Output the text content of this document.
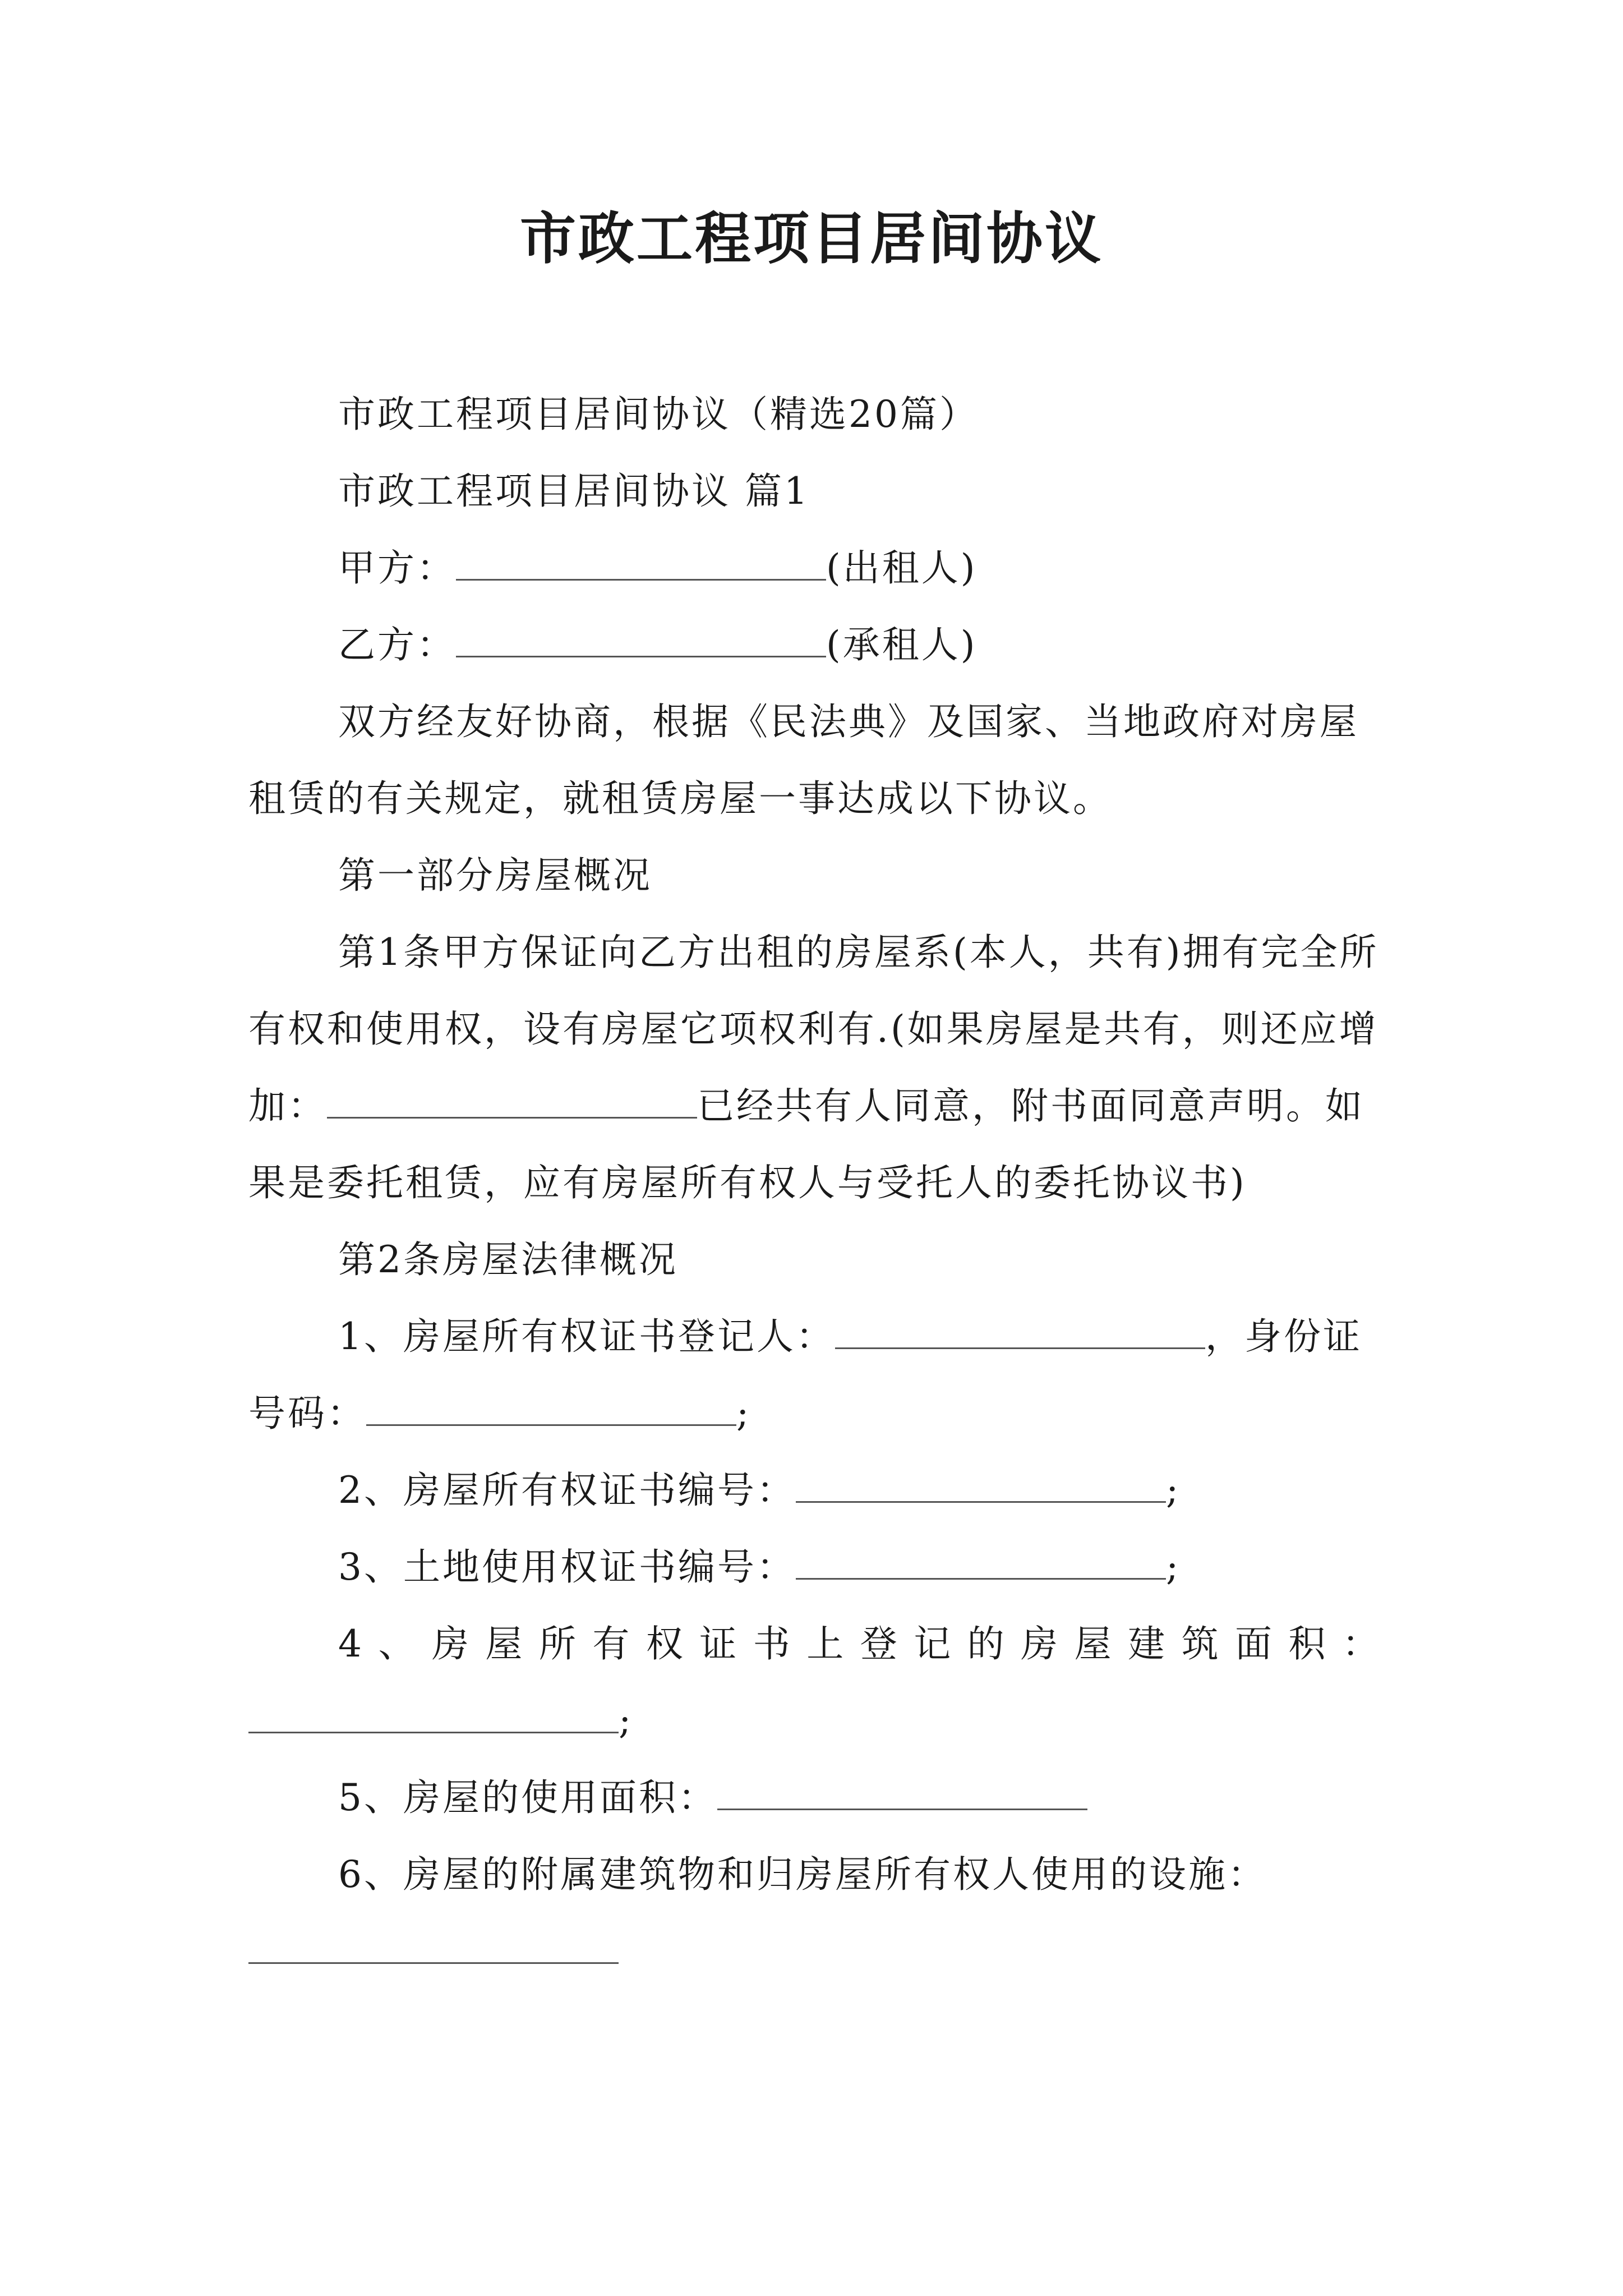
市政工程项目居间协议

市政工程项目居间协议（精选20篇）

市政工程项目居间协议 篇1

甲方：	(出租人)

乙方：	(承租人)

双方经友好协商，根据《民法典》及国家、当地政府对房屋租赁的有关规定，就租赁房屋一事达成以下协议。

第一部分房屋概况

第1条甲方保证向乙方出租的房屋系(本人，共有)拥有完全所有权和使用权，设有房屋它项权利有.(如果房屋是共有，则还应增加：	已经共有人同意，附书面同意声明。如果是委托租赁，应有房屋所有权人与受托人的委托协议书)

第2条房屋法律概况

1、房屋所有权证书登记人：	，身份证号码：	;

2、房屋所有权证书编号：	;

3、土地使用权证书编号：	;

4、房屋所有权证书上登记的房屋建筑面积：

;

5、房屋的使用面积：

6、房屋的附属建筑物和归房屋所有权人使用的设施：
